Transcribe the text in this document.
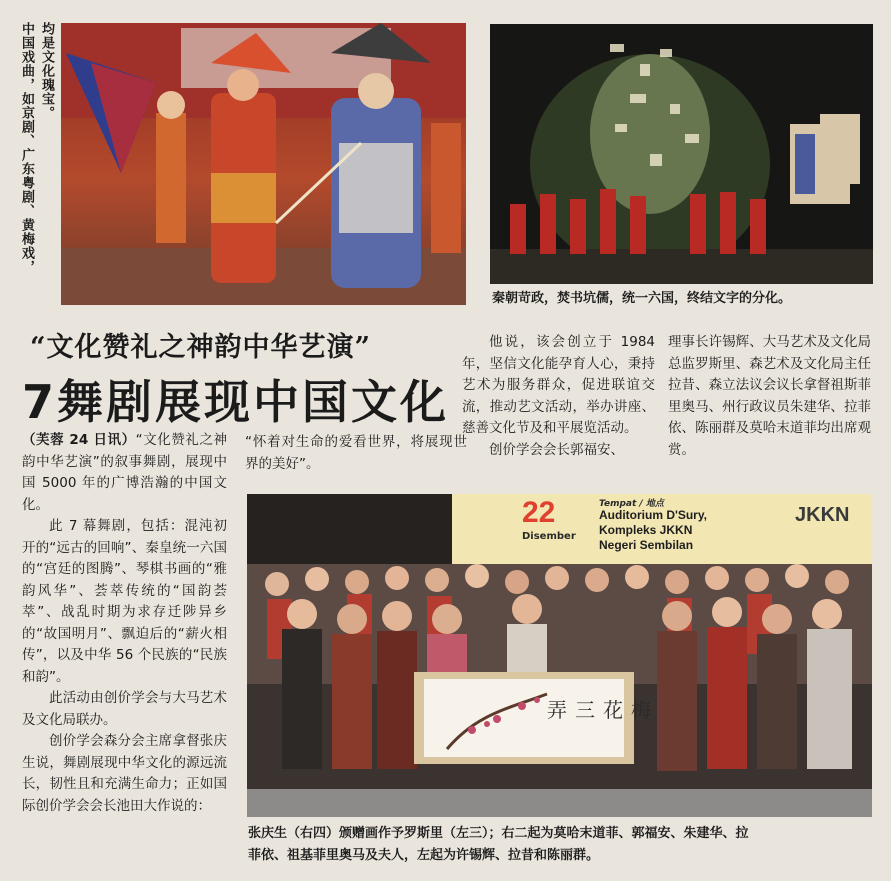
均是文化瑰宝。
中国戏曲，如京剧、广东粤剧、黄梅戏，
秦朝苛政，焚书坑儒，统一六国，终结文字的分化。
“文化赞礼之神韵中华艺演”
7舞剧展现中国文化

（芙蓉 24 日讯）“文化赞礼之神韵中华艺演”的叙事舞剧，展现中国 5000 年的广博浩瀚的中国文化。

此 7 幕舞剧，包括：混沌初开的“远古的回响”、秦皇统一六国的“宫廷的图腾”、琴棋书画的“雅韵风华”、荟萃传统的“国韵荟萃”、战乱时期为求存迁陟异乡的“故国明月”、飘迫后的“薪火相传”，以及中华 56 个民族的“民族和韵”。

此活动由创价学会与大马艺术及文化局联办。

创价学会森分会主席拿督张庆生说，舞剧展现中华文化的源远流长，韧性且和充满生命力；正如国际创价学会会长池田大作说的：

“怀着对生命的爱看世界，将展现世界的美好”。

他说，该会创立于 1984 年，坚信文化能孕育人心，秉持艺术为服务群众，促进联谊交流，推动艺文活动，举办讲座、慈善文化节及和平展览活动。

创价学会会长郭福安、

理事长许锡辉、大马艺术及文化局总监罗斯里、森艺术及文化局主任拉昔、森立法议会议长拿督祖斯菲里奥马、州行政议员朱建华、拉菲依、陈丽群及莫哈末道菲均出席观赏。

22
Disember
Tempat / 地点
Auditorium D'Sury,
Kompleks JKKN
Negeri Sembilan
JKKN
梅花三弄
张庆生（右四）颁赠画作予罗斯里（左三）；右二起为莫哈末道菲、郭福安、朱建华、拉
菲依、祖基菲里奥马及夫人，左起为许锡辉、拉昔和陈丽群。
